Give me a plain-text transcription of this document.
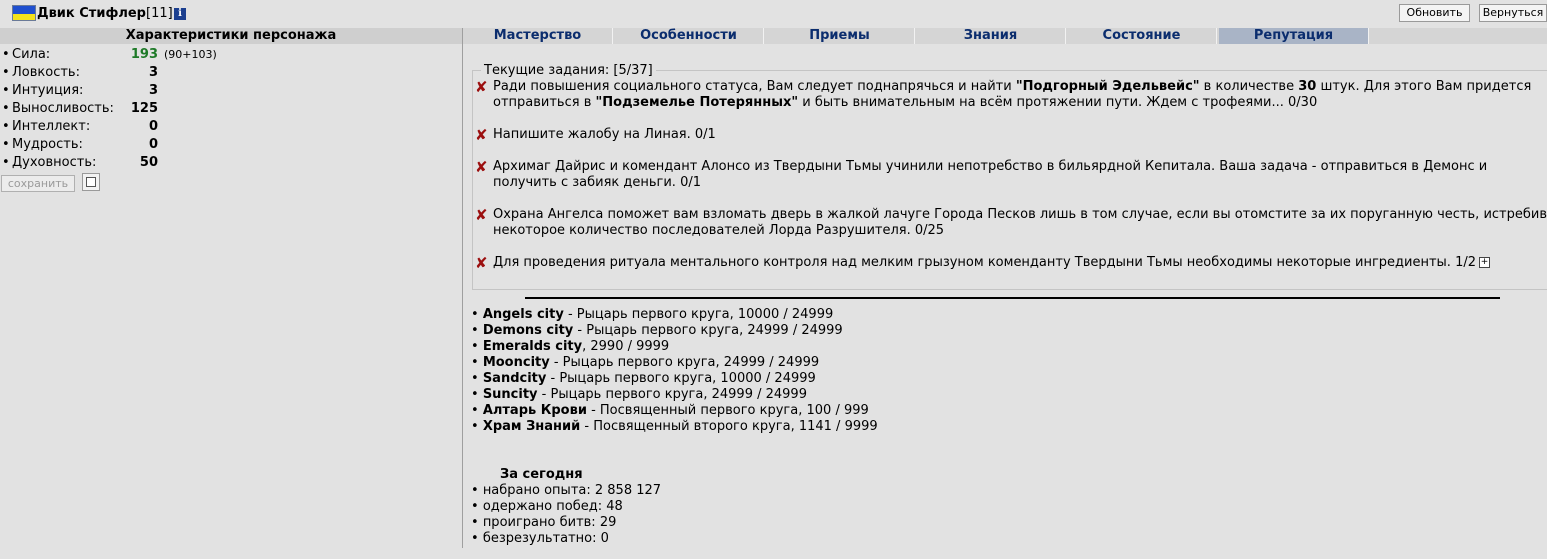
Двик Стифлер [11] i	Обновить	Вернуться
Характеристики персонажа
• Сила:	193 (90+103)
• Ловкость:	3
• Интуиция:	3
• Выносливость:	125
• Интеллект:	0
• Мудрость:	0
• Духовность:	50
сохранить
Мастерство	Особенности	Приемы	Знания	Состояние	Репутация
Текущие задания: [5/37]
✘ Ради повышения социального статуса, Вам следует поднапрячься и найти "Подгорный Эдельвейс" в количестве 30 штук. Для этого Вам придется отправиться в "Подземелье Потерянных" и быть внимательным на всём протяжении пути. Ждем с трофеями... 0/30
✘ Напишите жалобу на Линая. 0/1
✘ Архимаг Дайрис и комендант Алонсо из Твердыни Тьмы учинили непотребство в бильярдной Кепитала. Ваша задача - отправиться в Демонс и получить с забияк деньги. 0/1
✘ Охрана Ангелса поможет вам взломать дверь в жалкой лачуге Города Песков лишь в том случае, если вы отомстите за их поруганную честь, истребив некоторое количество последователей Лорда Разрушителя. 0/25
✘ Для проведения ритуала ментального контроля над мелким грызуном коменданту Твердыни Тьмы необходимы некоторые ингредиенты. 1/2 +
• Angels city - Рыцарь первого круга, 10000 / 24999
• Demons city - Рыцарь первого круга, 24999 / 24999
• Emeralds city, 2990 / 9999
• Mooncity - Рыцарь первого круга, 24999 / 24999
• Sandcity - Рыцарь первого круга, 10000 / 24999
• Suncity - Рыцарь первого круга, 24999 / 24999
• Алтарь Крови - Посвященный первого круга, 100 / 999
• Храм Знаний - Посвященный второго круга, 1141 / 9999
За сегодня
• набрано опыта: 2 858 127
• одержано побед: 48
• проиграно битв: 29
• безрезультатно: 0
